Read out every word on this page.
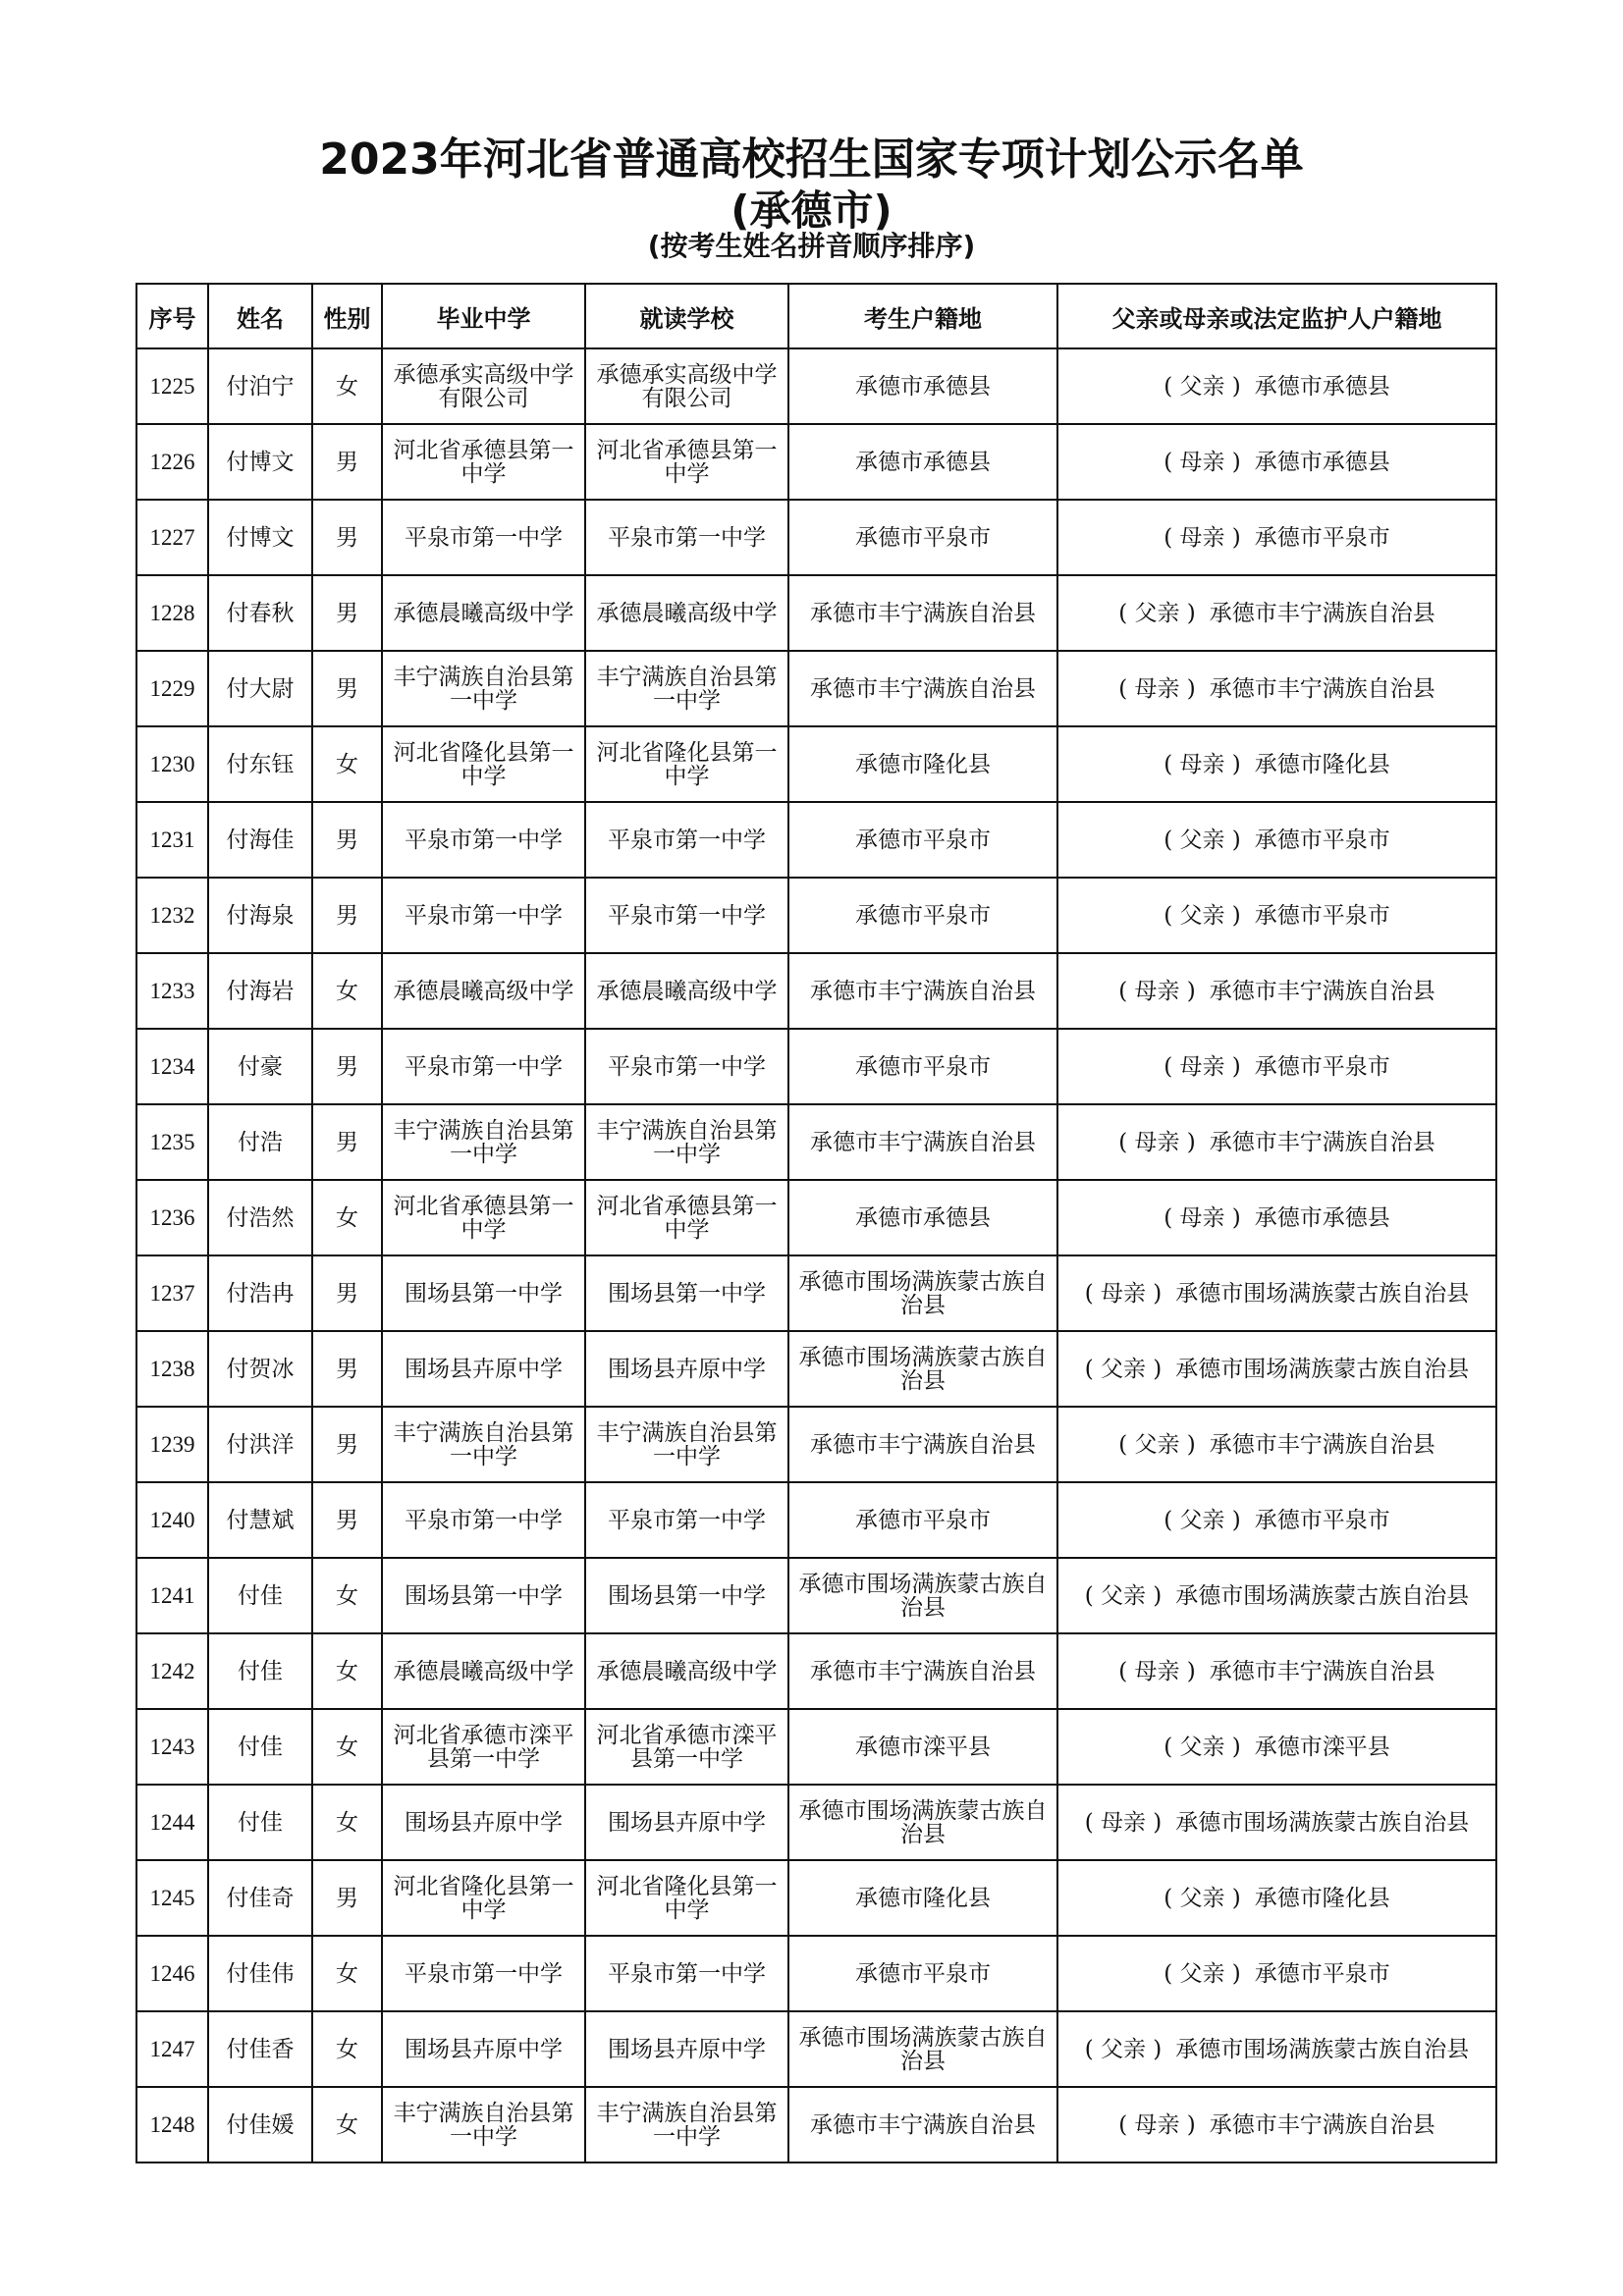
2023年河北省普通高校招生国家专项计划公示名单
(承德市)
(按考生姓名拼音顺序排序)
序号	姓名	性别	毕业中学	就读学校	考生户籍地	父亲或母亲或法定监护人户籍地
1225	付泊宁	女	承德承实高级中学有限公司	承德承实高级中学有限公司	承德市承德县	( 父亲 ) 承德市承德县
1226	付博文	男	河北省承德县第一中学	河北省承德县第一中学	承德市承德县	( 母亲 ) 承德市承德县
1227	付博文	男	平泉市第一中学	平泉市第一中学	承德市平泉市	( 母亲 ) 承德市平泉市
1228	付春秋	男	承德晨曦高级中学	承德晨曦高级中学	承德市丰宁满族自治县	( 父亲 ) 承德市丰宁满族自治县
1229	付大尉	男	丰宁满族自治县第一中学	丰宁满族自治县第一中学	承德市丰宁满族自治县	( 母亲 ) 承德市丰宁满族自治县
1230	付东钰	女	河北省隆化县第一中学	河北省隆化县第一中学	承德市隆化县	( 母亲 ) 承德市隆化县
1231	付海佳	男	平泉市第一中学	平泉市第一中学	承德市平泉市	( 父亲 ) 承德市平泉市
1232	付海泉	男	平泉市第一中学	平泉市第一中学	承德市平泉市	( 父亲 ) 承德市平泉市
1233	付海岩	女	承德晨曦高级中学	承德晨曦高级中学	承德市丰宁满族自治县	( 母亲 ) 承德市丰宁满族自治县
1234	付豪	男	平泉市第一中学	平泉市第一中学	承德市平泉市	( 母亲 ) 承德市平泉市
1235	付浩	男	丰宁满族自治县第一中学	丰宁满族自治县第一中学	承德市丰宁满族自治县	( 母亲 ) 承德市丰宁满族自治县
1236	付浩然	女	河北省承德县第一中学	河北省承德县第一中学	承德市承德县	( 母亲 ) 承德市承德县
1237	付浩冉	男	围场县第一中学	围场县第一中学	承德市围场满族蒙古族自治县	( 母亲 ) 承德市围场满族蒙古族自治县
1238	付贺冰	男	围场县卉原中学	围场县卉原中学	承德市围场满族蒙古族自治县	( 父亲 ) 承德市围场满族蒙古族自治县
1239	付洪洋	男	丰宁满族自治县第一中学	丰宁满族自治县第一中学	承德市丰宁满族自治县	( 父亲 ) 承德市丰宁满族自治县
1240	付慧斌	男	平泉市第一中学	平泉市第一中学	承德市平泉市	( 父亲 ) 承德市平泉市
1241	付佳	女	围场县第一中学	围场县第一中学	承德市围场满族蒙古族自治县	( 父亲 ) 承德市围场满族蒙古族自治县
1242	付佳	女	承德晨曦高级中学	承德晨曦高级中学	承德市丰宁满族自治县	( 母亲 ) 承德市丰宁满族自治县
1243	付佳	女	河北省承德市滦平县第一中学	河北省承德市滦平县第一中学	承德市滦平县	( 父亲 ) 承德市滦平县
1244	付佳	女	围场县卉原中学	围场县卉原中学	承德市围场满族蒙古族自治县	( 母亲 ) 承德市围场满族蒙古族自治县
1245	付佳奇	男	河北省隆化县第一中学	河北省隆化县第一中学	承德市隆化县	( 父亲 ) 承德市隆化县
1246	付佳伟	女	平泉市第一中学	平泉市第一中学	承德市平泉市	( 父亲 ) 承德市平泉市
1247	付佳香	女	围场县卉原中学	围场县卉原中学	承德市围场满族蒙古族自治县	( 父亲 ) 承德市围场满族蒙古族自治县
1248	付佳媛	女	丰宁满族自治县第一中学	丰宁满族自治县第一中学	承德市丰宁满族自治县	( 母亲 ) 承德市丰宁满族自治县
